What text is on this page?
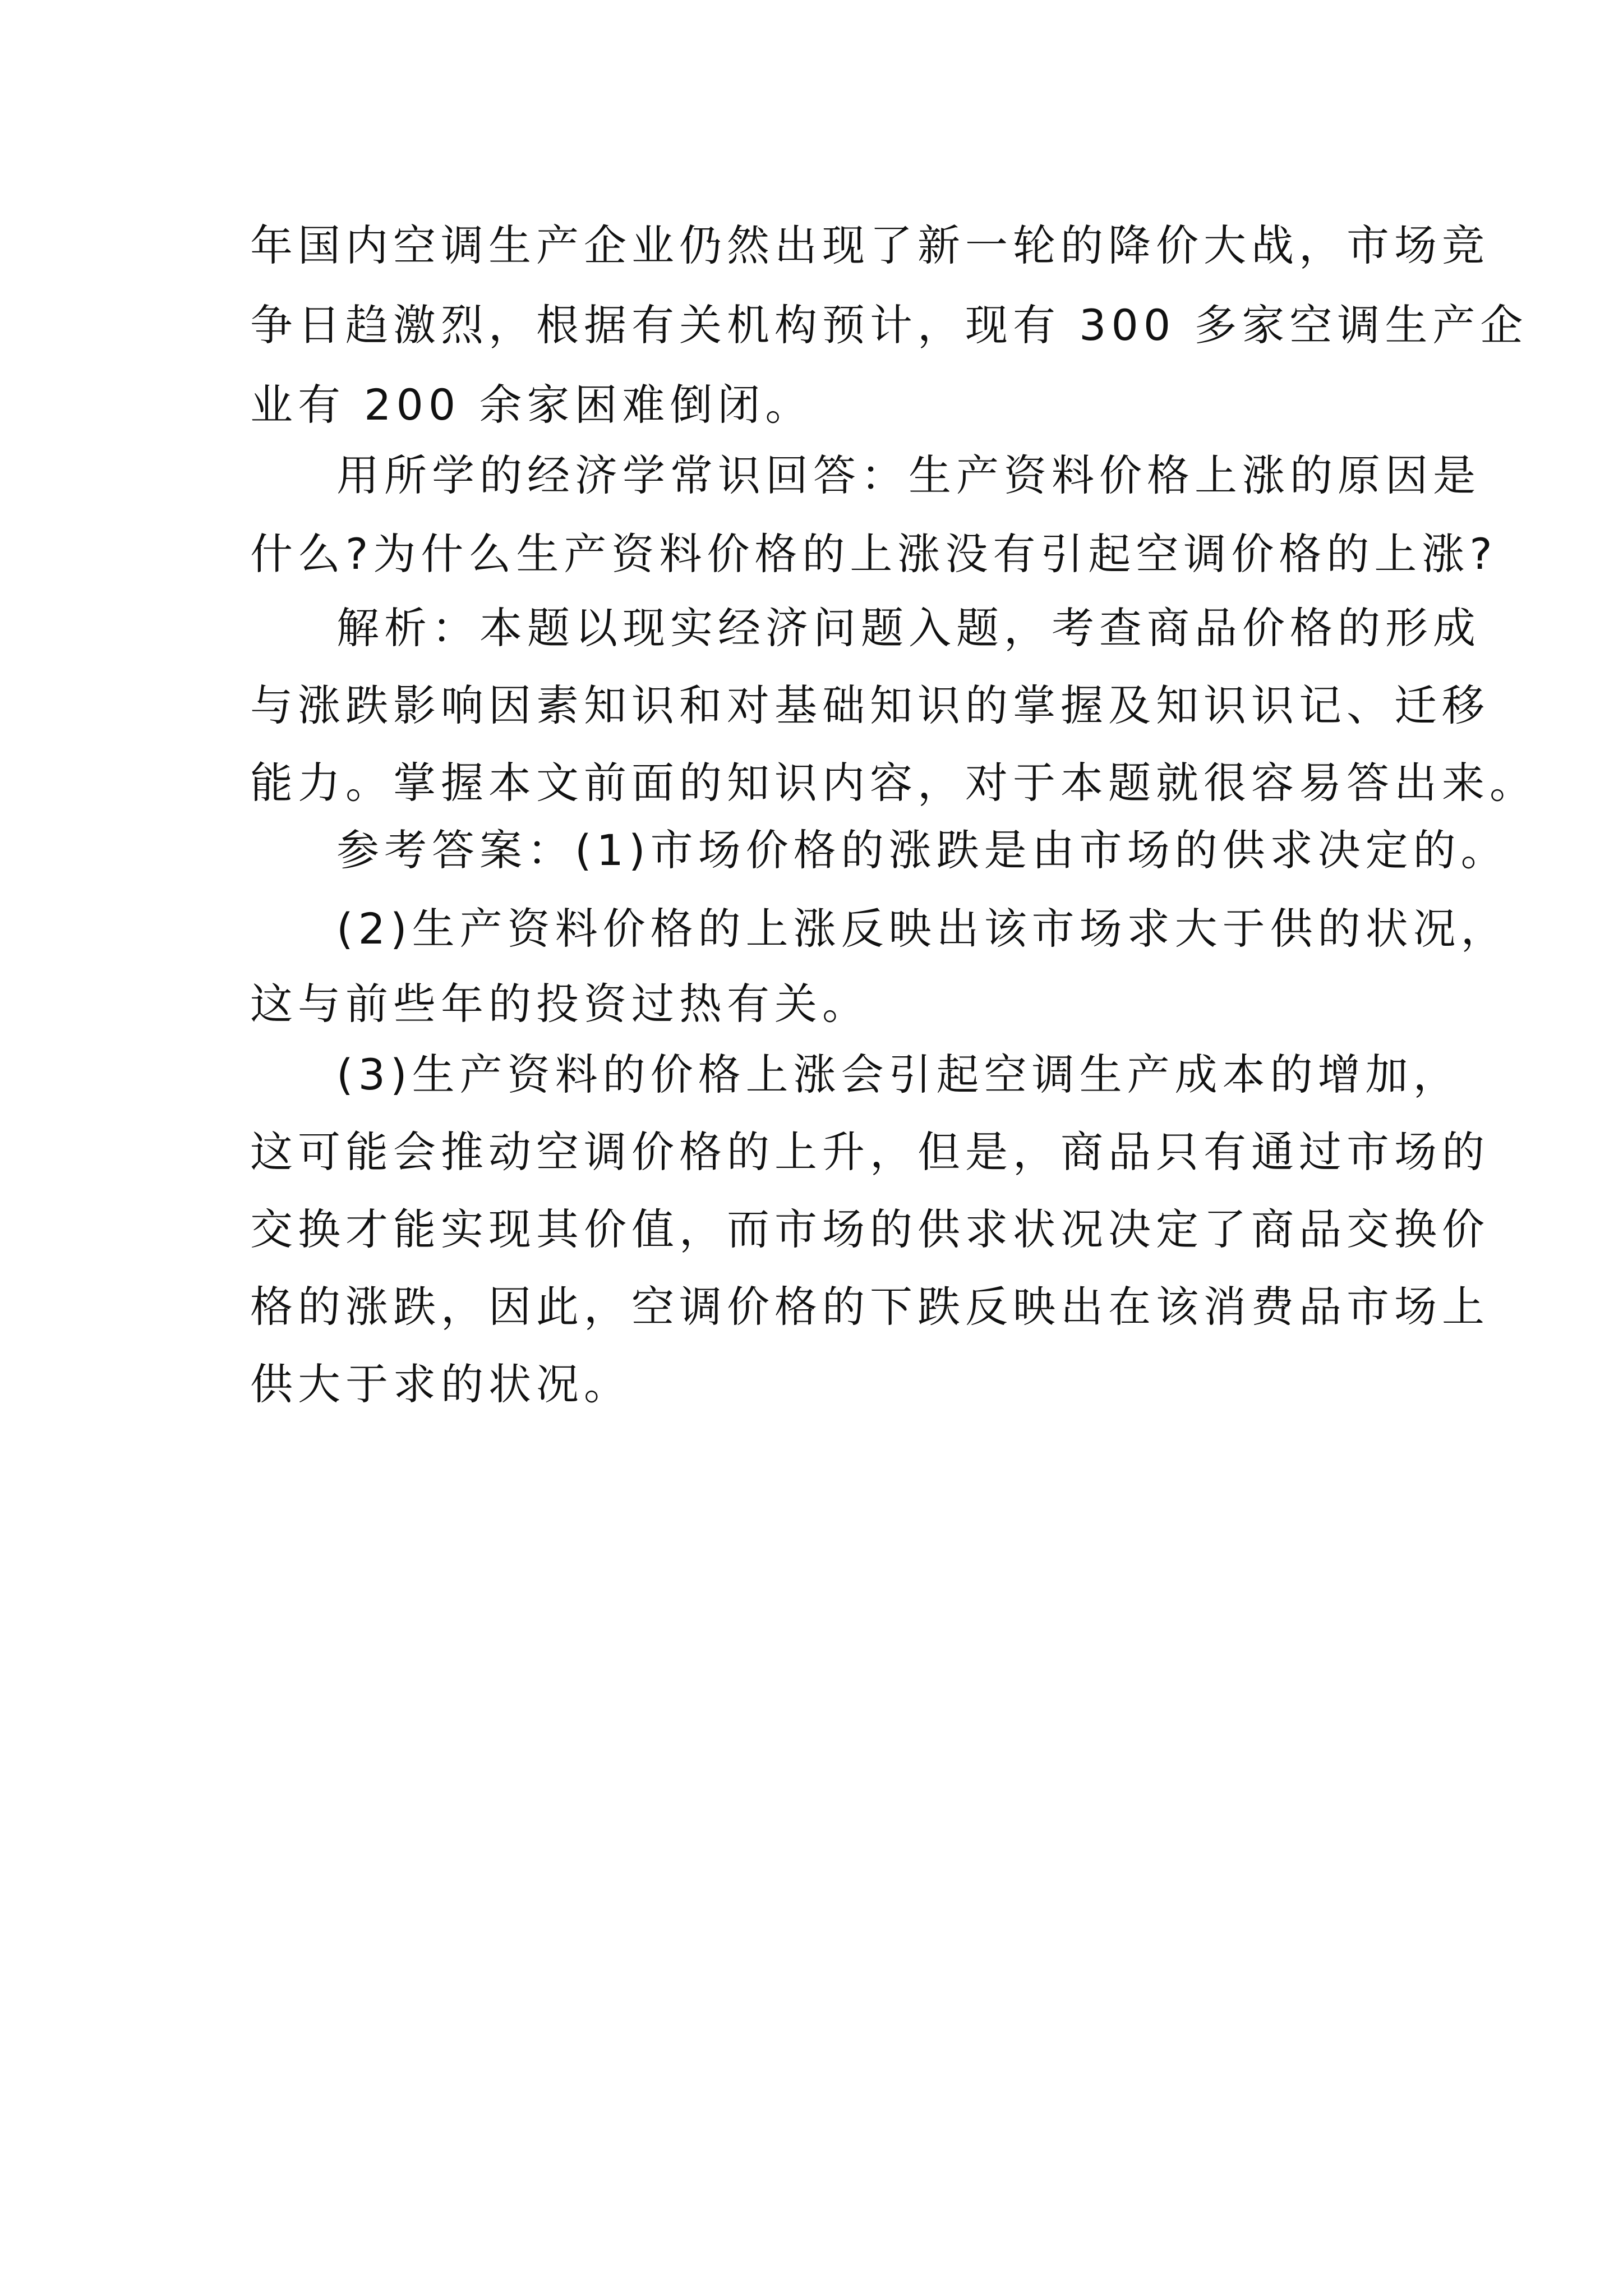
年国内空调生产企业仍然出现了新一轮的降价大战，市场竞
争日趋激烈，根据有关机构预计，现有 300 多家空调生产企
业有 200 余家困难倒闭。
用所学的经济学常识回答：生产资料价格上涨的原因是
什么?为什么生产资料价格的上涨没有引起空调价格的上涨?
解析：本题以现实经济问题入题，考查商品价格的形成
与涨跌影响因素知识和对基础知识的掌握及知识识记、迁移
能力。掌握本文前面的知识内容，对于本题就很容易答出来。
参考答案：(1)市场价格的涨跌是由市场的供求决定的。
(2)生产资料价格的上涨反映出该市场求大于供的状况，
这与前些年的投资过热有关。
(3)生产资料的价格上涨会引起空调生产成本的增加，
这可能会推动空调价格的上升，但是，商品只有通过市场的
交换才能实现其价值，而市场的供求状况决定了商品交换价
格的涨跌，因此，空调价格的下跌反映出在该消费品市场上
供大于求的状况。
